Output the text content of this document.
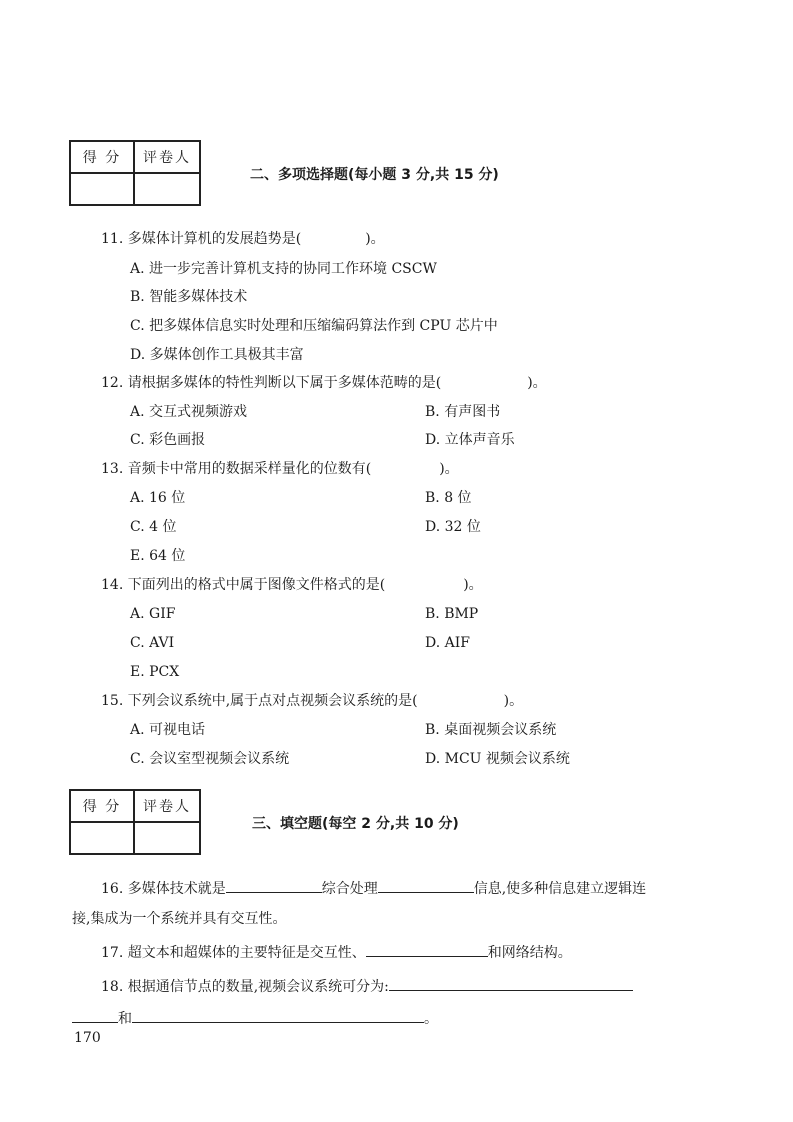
得 分	评卷人

二、多项选择题(每小题 3 分,共 15 分)
11. 多媒体计算机的发展趋势是(	)。
A. 进一步完善计算机支持的协同工作环境 CSCW
B. 智能多媒体技术
C. 把多媒体信息实时处理和压缩编码算法作到 CPU 芯片中
D. 多媒体创作工具极其丰富
12. 请根据多媒体的特性判断以下属于多媒体范畴的是(	)。
A. 交互式视频游戏	B. 有声图书
C. 彩色画报	D. 立体声音乐
13. 音频卡中常用的数据采样量化的位数有(	)。
A. 16 位	B. 8 位
C. 4 位	D. 32 位
E. 64 位
14. 下面列出的格式中属于图像文件格式的是(	)。
A. GIF	B. BMP
C. AVI	D. AIF
E. PCX
15. 下列会议系统中,属于点对点视频会议系统的是(	)。
A. 可视电话	B. 桌面视频会议系统
C. 会议室型视频会议系统	D. MCU 视频会议系统
得 分	评卷人

三、填空题(每空 2 分,共 10 分)
16. 多媒体技术就是	综合处理	信息,使多种信息建立逻辑连
接,集成为一个系统并具有交互性。
17. 超文本和超媒体的主要特征是交互性、	和网络结构。
18. 根据通信节点的数量,视频会议系统可分为:
和	。
170
